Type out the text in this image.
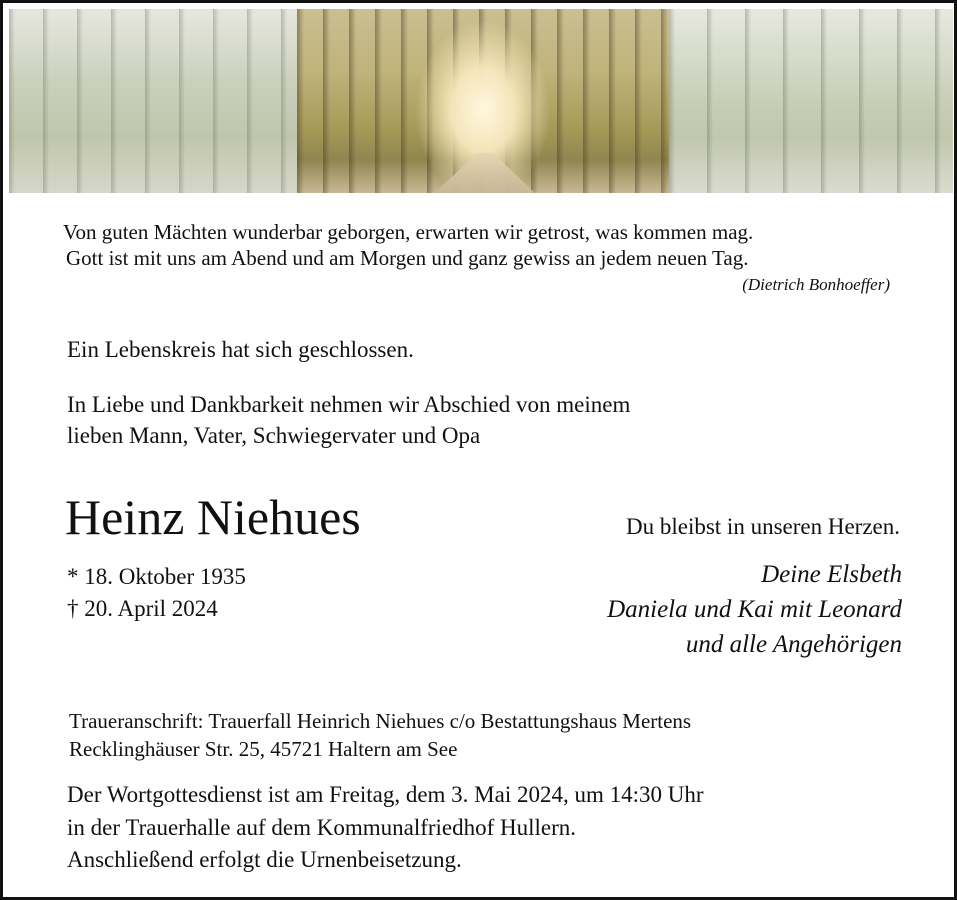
Von guten Mächten wunderbar geborgen, erwarten wir getrost, was kommen mag.
Gott ist mit uns am Abend und am Morgen und ganz gewiss an jedem neuen Tag.
(Dietrich Bonhoeffer)
Ein Lebenskreis hat sich geschlossen.
In Liebe und Dankbarkeit nehmen wir Abschied von meinem
lieben Mann, Vater, Schwiegervater und Opa
Heinz Niehues	Du bleibst in unseren Herzen.
* 18. Oktober 1935
† 20. April 2024
Deine Elsbeth
Daniela und Kai mit Leonard
und alle Angehörigen
Traueranschrift: Trauerfall Heinrich Niehues c/o Bestattungshaus Mertens
Recklinghäuser Str. 25, 45721 Haltern am See
Der Wortgottesdienst ist am Freitag, dem 3. Mai 2024, um 14:30 Uhr
in der Trauerhalle auf dem Kommunalfriedhof Hullern.
Anschließend erfolgt die Urnenbeisetzung.
